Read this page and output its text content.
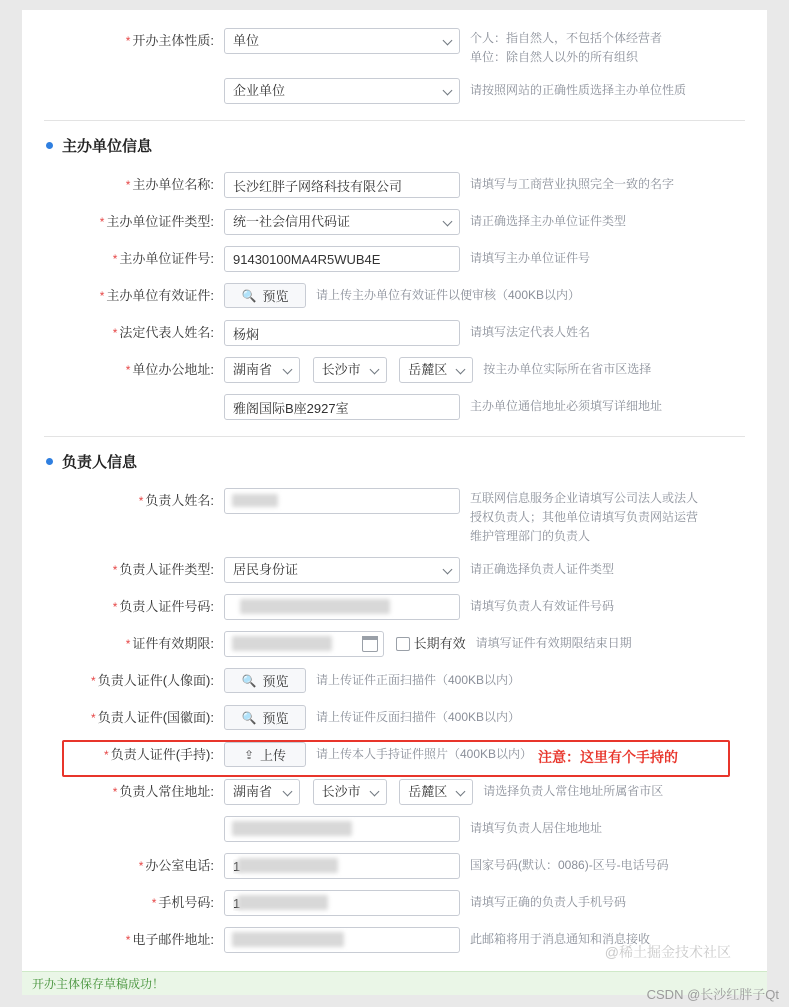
* 开办主体性质:	单位	个人：指自然人，不包括个体经营者
单位：除自然人以外的所有组织

企业单位	请按照网站的正确性质选择主办单位性质
主办单位信息
* 主办单位名称:
长沙红胖子网络科技有限公司	请填写与工商营业执照完全一致的名字
* 主办单位证件类型:	统一社会信用代码证	请正确选择主办单位证件类型
* 主办单位证件号:
91430100MA4R5WUB4E	请填写主办单位证件号
* 主办单位有效证件:	🔍 预览	请上传主办单位有效证件以便审核（400KB以内）
* 法定代表人姓名:
杨焖	请填写法定代表人姓名
* 单位办公地址:	湖南省	长沙市	岳麓区	按主办单位实际所在省市区选择

雅阁国际B座2927室
主办单位通信地址必须填写详细地址
负责人信息
* 负责人姓名:	互联网信息服务企业请填写公司法人或法人
授权负责人；其他单位请填写负责网站运营
维护管理部门的负责人
* 负责人证件类型:	居民身份证	请正确选择负责人证件类型
* 负责人证件号码:	请填写负责人有效证件号码
* 证件有效期限:
	长期有效 请填写证件有效期限结束日期
* 负责人证件(人像面):	🔍 预览	请上传证件正面扫描件（400KB以内）
* 负责人证件(国徽面):	🔍 预览	请上传证件反面扫描件（400KB以内）
* 负责人证件(手持):	⇪ 上传	请上传本人手持证件照片（400KB以内）
* 负责人常住地址:	湖南省	长沙市	岳麓区	请选择负责人常住地址所属省市区

请填写负责人居住地地址
* 办公室电话:
1	国家号码(默认：0086)-区号-电话号码
* 手机号码:
1	请填写正确的负责人手机号码
* 电子邮件地址:	此邮箱将用于消息通知和消息接收
注意：这里有个手持的
@稀土掘金技术社区
开办主体保存草稿成功！
CSDN @长沙红胖子Qt
